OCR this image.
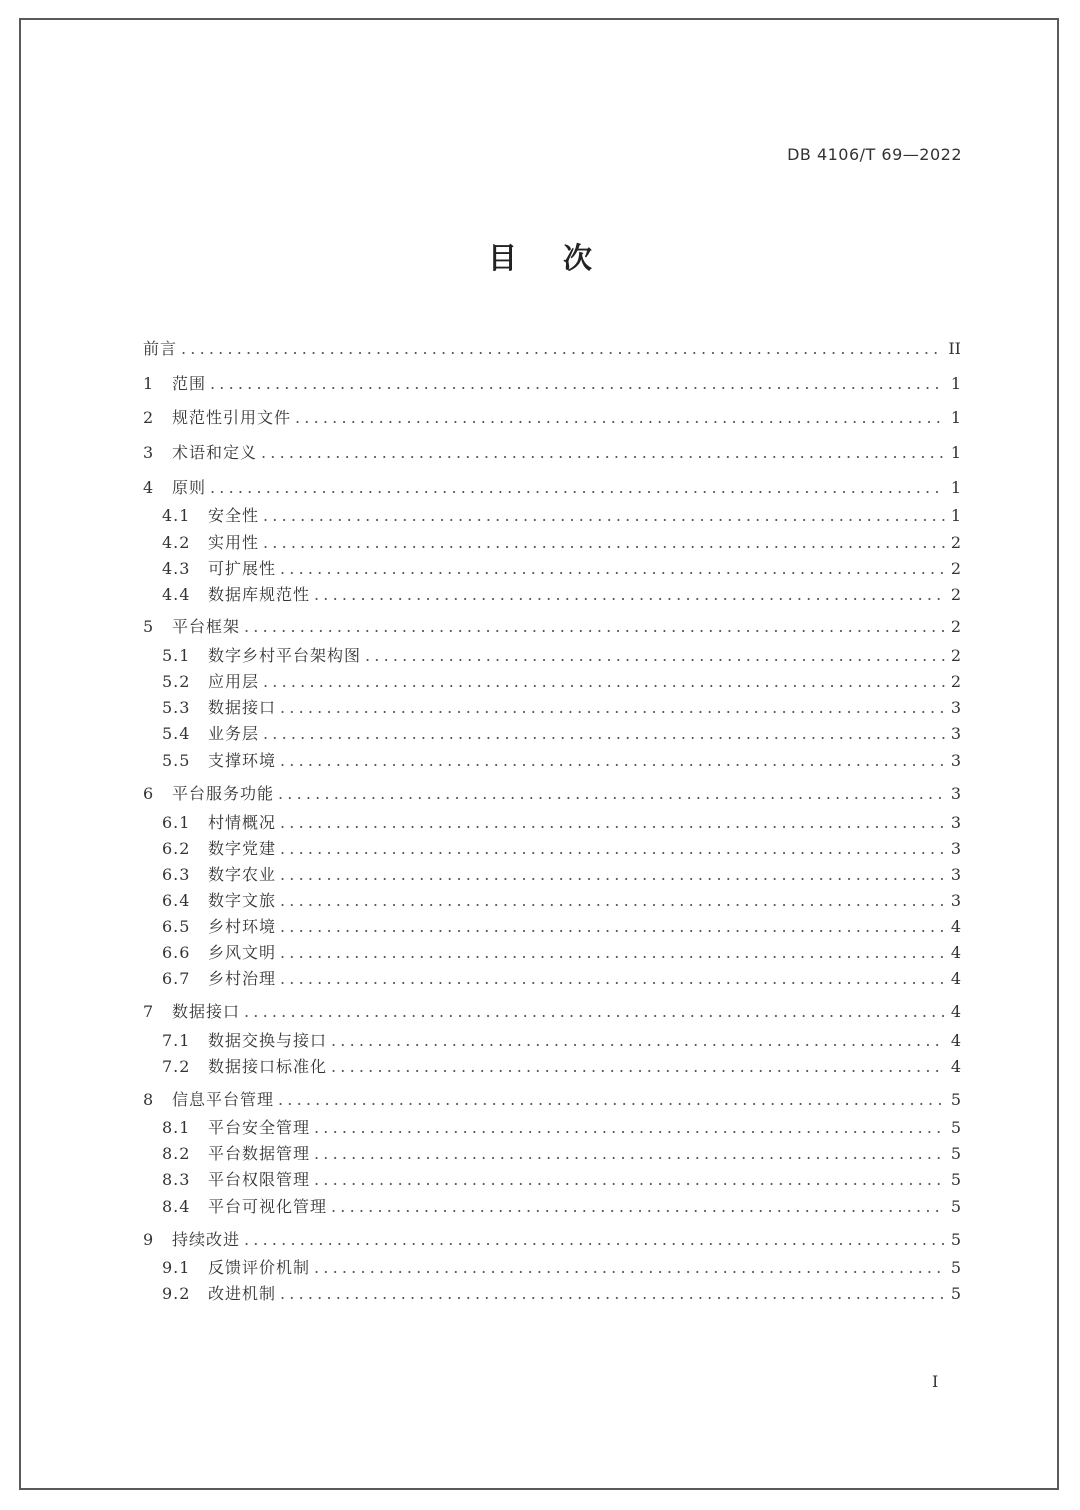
DB 4106/T 69—2022
目次
前言 .....	II
1	范围 .....	1
2	规范性引用文件 .....	1
3	术语和定义 .....	1
4	原则 .....	1
4.1	安全性 .....	1
4.2	实用性 .....	2
4.3	可扩展性 .....	2
4.4	数据库规范性 .....	2
5	平台框架 .....	2
5.1	数字乡村平台架构图 .....	2
5.2	应用层 .....	2
5.3	数据接口 .....	3
5.4	业务层 .....	3
5.5	支撑环境 .....	3
6	平台服务功能 .....	3
6.1	村情概况 .....	3
6.2	数字党建 .....	3
6.3	数字农业 .....	3
6.4	数字文旅 .....	3
6.5	乡村环境 .....	4
6.6	乡风文明 .....	4
6.7	乡村治理 .....	4
7	数据接口 .....	4
7.1	数据交换与接口 .....	4
7.2	数据接口标准化 .....	4
8	信息平台管理 .....	5
8.1	平台安全管理 .....	5
8.2	平台数据管理 .....	5
8.3	平台权限管理 .....	5
8.4	平台可视化管理 .....	5
9	持续改进 .....	5
9.1	反馈评价机制 .....	5
9.2	改进机制 .....	5
I
